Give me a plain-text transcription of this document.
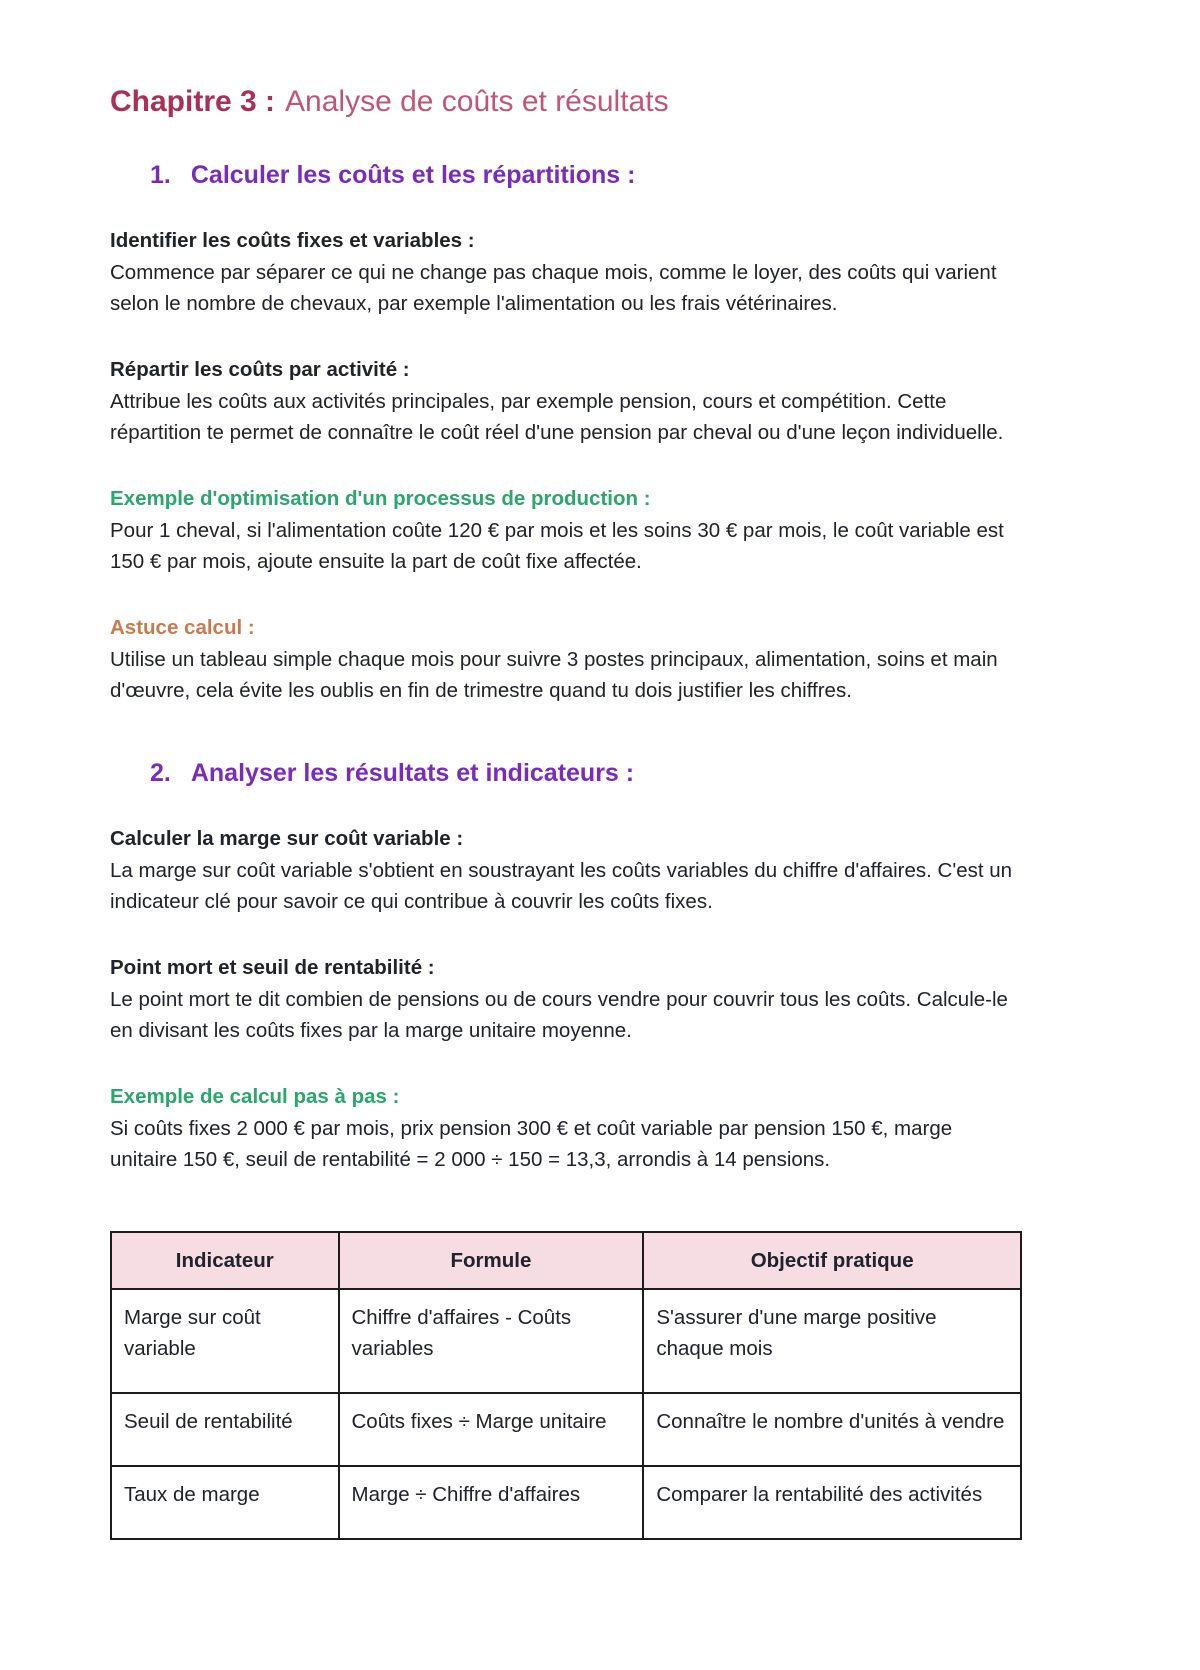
Chapitre 3 : Analyse de coûts et résultats
1. Calculer les coûts et les répartitions :
Identifier les coûts fixes et variables :

Commence par séparer ce qui ne change pas chaque mois, comme le loyer, des coûts qui varient selon le nombre de chevaux, par exemple l'alimentation ou les frais vétérinaires.

Répartir les coûts par activité :

Attribue les coûts aux activités principales, par exemple pension, cours et compétition. Cette répartition te permet de connaître le coût réel d'une pension par cheval ou d'une leçon individuelle.

Exemple d'optimisation d'un processus de production :

Pour 1 cheval, si l'alimentation coûte 120 € par mois et les soins 30 € par mois, le coût variable est 150 € par mois, ajoute ensuite la part de coût fixe affectée.

Astuce calcul :

Utilise un tableau simple chaque mois pour suivre 3 postes principaux, alimentation, soins et main d'œuvre, cela évite les oublis en fin de trimestre quand tu dois justifier les chiffres.

2. Analyser les résultats et indicateurs :
Calculer la marge sur coût variable :

La marge sur coût variable s'obtient en soustrayant les coûts variables du chiffre d'affaires. C'est un indicateur clé pour savoir ce qui contribue à couvrir les coûts fixes.

Point mort et seuil de rentabilité :

Le point mort te dit combien de pensions ou de cours vendre pour couvrir tous les coûts. Calcule-le en divisant les coûts fixes par la marge unitaire moyenne.

Exemple de calcul pas à pas :

Si coûts fixes 2 000 € par mois, prix pension 300 € et coût variable par pension 150 €, marge unitaire 150 €, seuil de rentabilité = 2 000 ÷ 150 = 13,3, arrondis à 14 pensions.

Indicateur	Formule	Objectif pratique
Marge sur coût variable	Chiffre d'affaires - Coûts variables	S'assurer d'une marge positive chaque mois
Seuil de rentabilité	Coûts fixes ÷ Marge unitaire	Connaître le nombre d'unités à vendre
Taux de marge	Marge ÷ Chiffre d'affaires	Comparer la rentabilité des activités
